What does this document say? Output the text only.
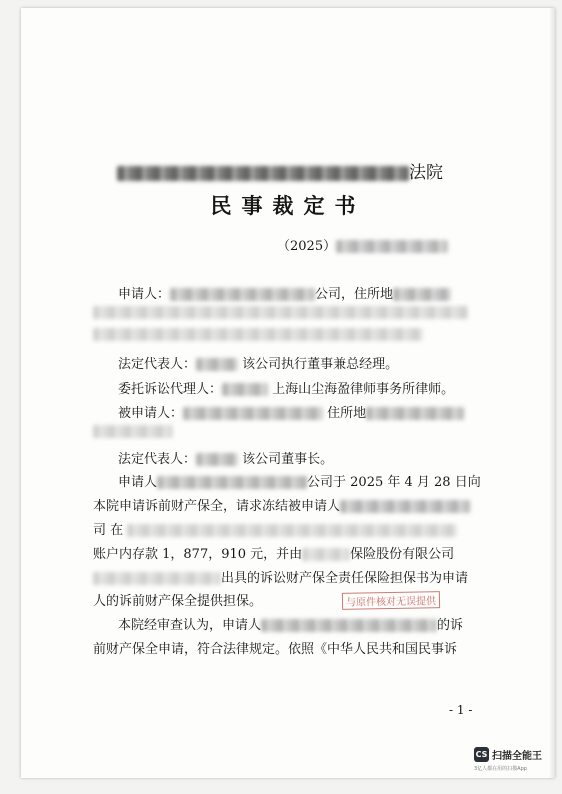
法院
民事裁定书
（2025）
申请人：	公司，住所地
法定代表人：	该公司执行董事兼总经理。
委托诉讼代理人：	上海山尘海盈律师事务所律师。
被申请人：	住所地
法定代表人：	该公司董事长。
申请人	公司于 2025 年 4 月 28 日向
本院申请诉前财产保全，请求冻结被申请人
司 在
账户内存款 1，877，910 元，并由	保险股份有限公司
出具的诉讼财产保全责任保险担保书为申请
人的诉前财产保全提供担保。	与原件核对无误提供
本院经审查认为，申请人	的诉
前财产保全申请，符合法律规定。依照《中华人民共和国民事诉
- 1 -
CS 扫描全能王
3亿人都在用的扫描App
